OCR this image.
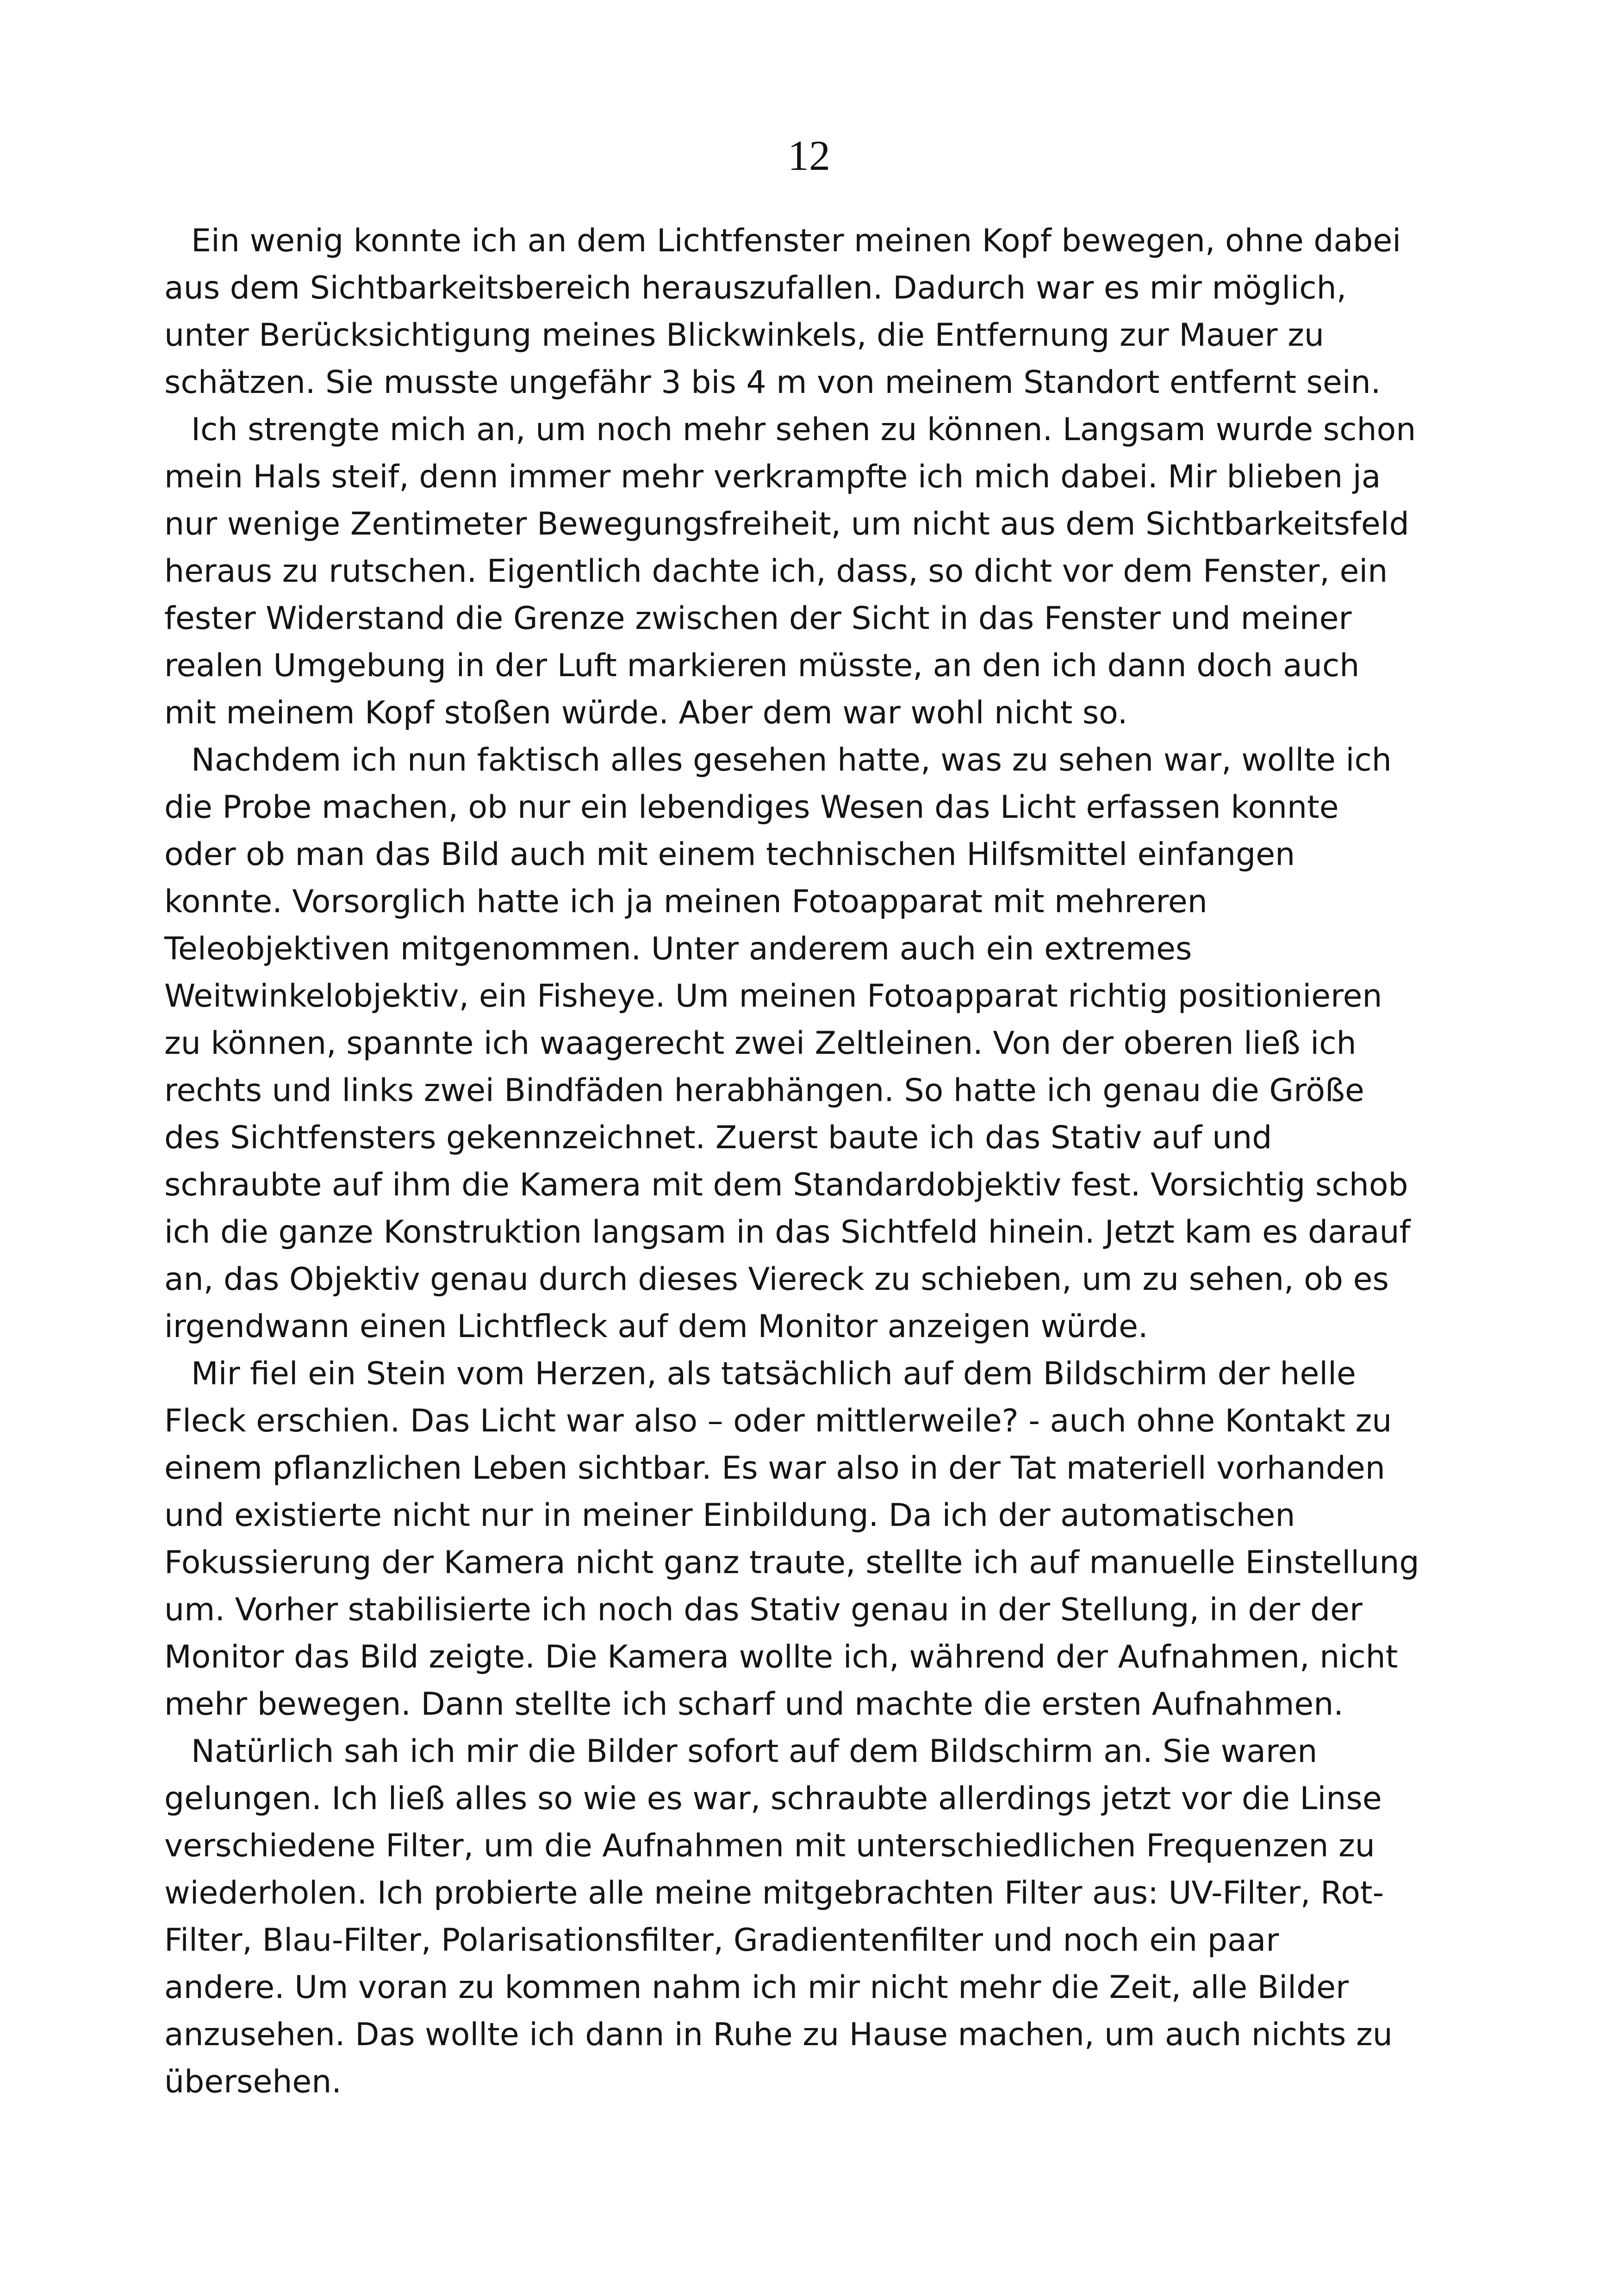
12
Ein wenig konnte ich an dem Lichtfenster meinen Kopf bewegen, ohne dabei
aus dem Sichtbarkeitsbereich herauszufallen. Dadurch war es mir möglich,
unter Berücksichtigung meines Blickwinkels, die Entfernung zur Mauer zu
schätzen. Sie musste ungefähr 3 bis 4 m von meinem Standort entfernt sein.
Ich strengte mich an, um noch mehr sehen zu können. Langsam wurde schon
mein Hals steif, denn immer mehr verkrampfte ich mich dabei. Mir blieben ja
nur wenige Zentimeter Bewegungsfreiheit, um nicht aus dem Sichtbarkeitsfeld
heraus zu rutschen. Eigentlich dachte ich, dass, so dicht vor dem Fenster, ein
fester Widerstand die Grenze zwischen der Sicht in das Fenster und meiner
realen Umgebung in der Luft markieren müsste, an den ich dann doch auch
mit meinem Kopf stoßen würde. Aber dem war wohl nicht so.
Nachdem ich nun faktisch alles gesehen hatte, was zu sehen war, wollte ich
die Probe machen, ob nur ein lebendiges Wesen das Licht erfassen konnte
oder ob man das Bild auch mit einem technischen Hilfsmittel einfangen
konnte. Vorsorglich hatte ich ja meinen Fotoapparat mit mehreren
Teleobjektiven mitgenommen. Unter anderem auch ein extremes
Weitwinkelobjektiv, ein Fisheye. Um meinen Fotoapparat richtig positionieren
zu können, spannte ich waagerecht zwei Zeltleinen. Von der oberen ließ ich
rechts und links zwei Bindfäden herabhängen. So hatte ich genau die Größe
des Sichtfensters gekennzeichnet. Zuerst baute ich das Stativ auf und
schraubte auf ihm die Kamera mit dem Standardobjektiv fest. Vorsichtig schob
ich die ganze Konstruktion langsam in das Sichtfeld hinein. Jetzt kam es darauf
an, das Objektiv genau durch dieses Viereck zu schieben, um zu sehen, ob es
irgendwann einen Lichtfleck auf dem Monitor anzeigen würde.
Mir fiel ein Stein vom Herzen, als tatsächlich auf dem Bildschirm der helle
Fleck erschien. Das Licht war also – oder mittlerweile? - auch ohne Kontakt zu
einem pflanzlichen Leben sichtbar. Es war also in der Tat materiell vorhanden
und existierte nicht nur in meiner Einbildung. Da ich der automatischen
Fokussierung der Kamera nicht ganz traute, stellte ich auf manuelle Einstellung
um. Vorher stabilisierte ich noch das Stativ genau in der Stellung, in der der
Monitor das Bild zeigte. Die Kamera wollte ich, während der Aufnahmen, nicht
mehr bewegen. Dann stellte ich scharf und machte die ersten Aufnahmen.
Natürlich sah ich mir die Bilder sofort auf dem Bildschirm an. Sie waren
gelungen. Ich ließ alles so wie es war, schraubte allerdings jetzt vor die Linse
verschiedene Filter, um die Aufnahmen mit unterschiedlichen Frequenzen zu
wiederholen. Ich probierte alle meine mitgebrachten Filter aus: UV-Filter, Rot-
Filter, Blau-Filter, Polarisationsfilter, Gradientenfilter und noch ein paar
andere. Um voran zu kommen nahm ich mir nicht mehr die Zeit, alle Bilder
anzusehen. Das wollte ich dann in Ruhe zu Hause machen, um auch nichts zu
übersehen.
